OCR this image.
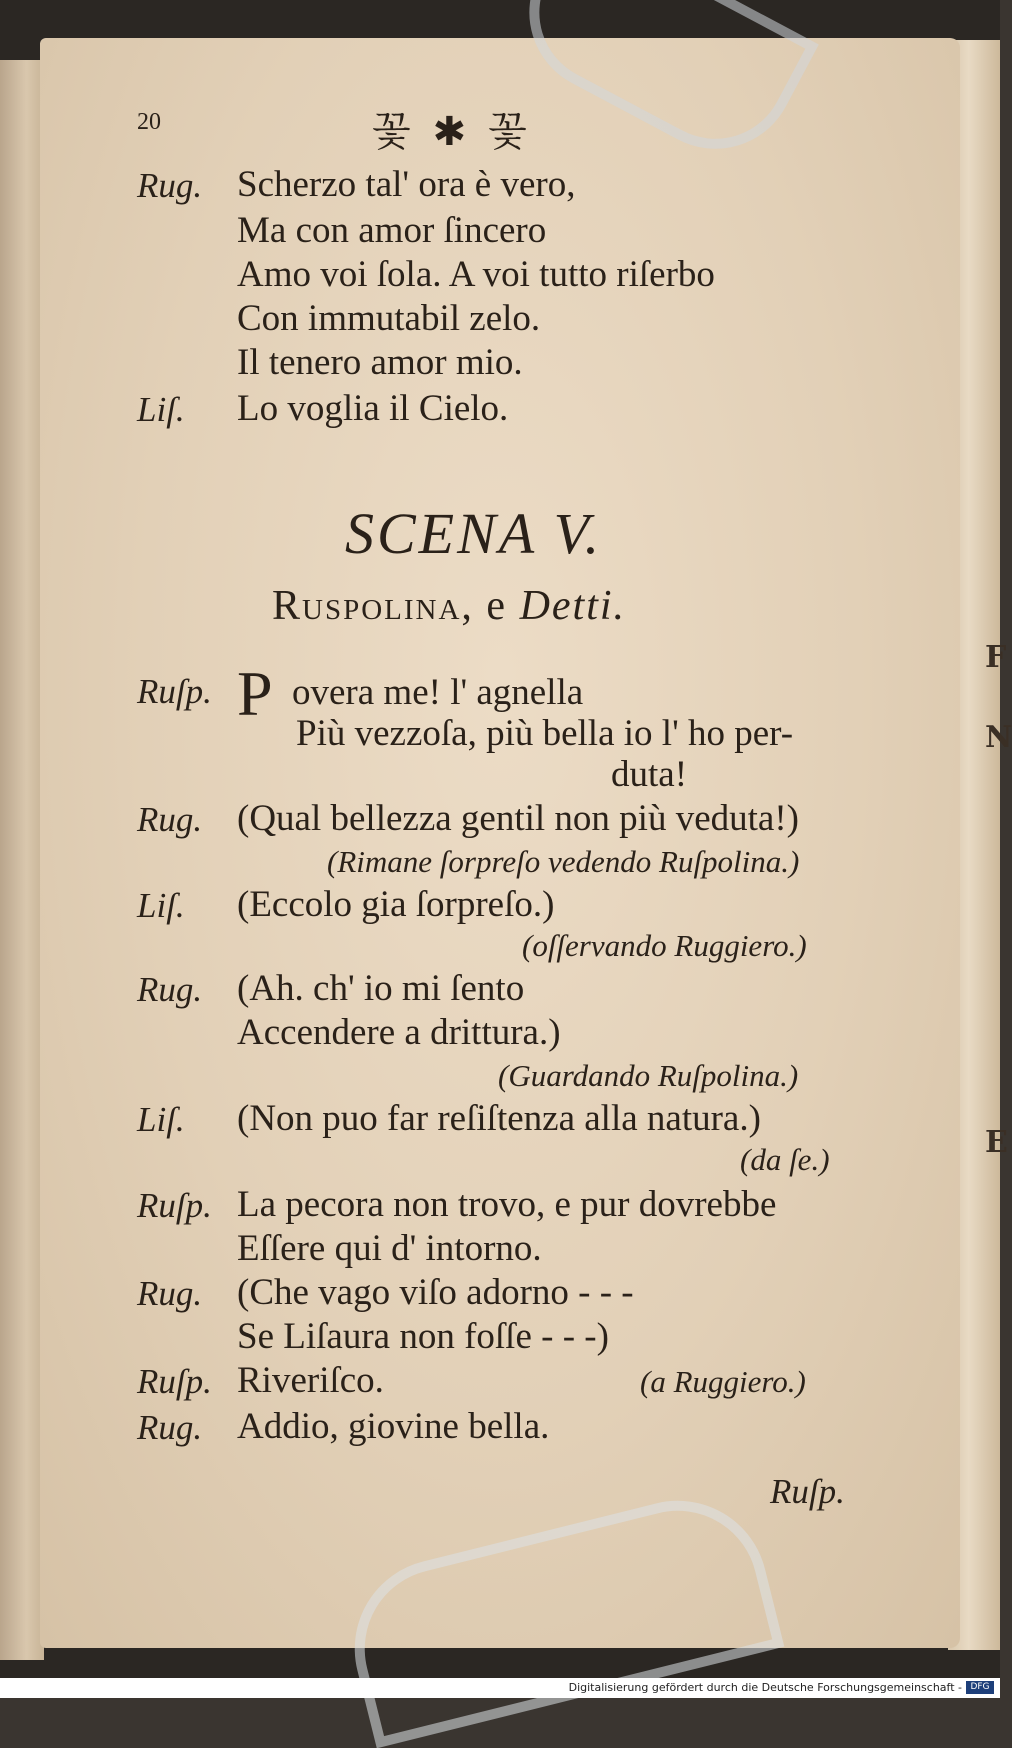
F
N
E
20	꽃 ✱ 꽃
Rug. Scherzo tal' ora è vero,
Ma con amor ſincero
Amo voi ſola. A voi tutto riſerbo
Con immutabil zelo.
Il tenero amor mio.
Liſ. Lo voglia il Cielo.
SCENA V.
Ruspolina, e Detti.
Ruſp. P overa me! l' agnella
Più vezzoſa, più bella io l' ho per-
duta!
Rug. (Qual bellezza gentil non più veduta!)
(Rimane ſorpreſo vedendo Ruſpolina.)
Liſ. (Eccolo gia ſorpreſo.)
(oſſervando Ruggiero.)
Rug. (Ah. ch' io mi ſento
Accendere a drittura.)
(Guardando Ruſpolina.)
Liſ. (Non puo far reſiſtenza alla natura.)
(da ſe.)
Ruſp. La pecora non trovo, e pur dovrebbe
Eſſere qui d' intorno.
Rug. (Che vago viſo adorno - - -
Se Liſaura non foſſe - - -)
Ruſp. Riveriſco.	(a Ruggiero.)
Rug. Addio, giovine bella.
Ruſp.
Digitalisierung gefördert durch die Deutsche Forschungsgemeinschaft - DFG
